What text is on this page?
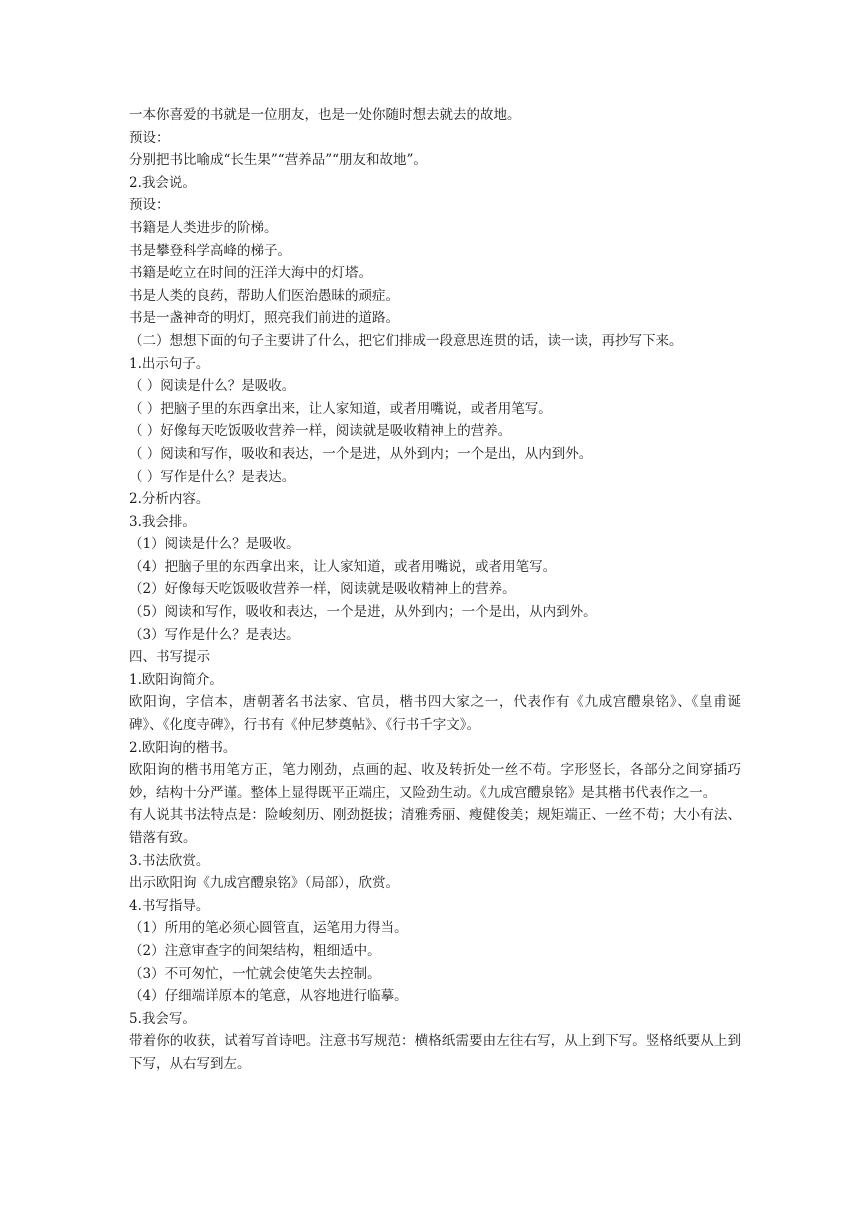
一本你喜爱的书就是一位朋友，也是一处你随时想去就去的故地。
预设：
分别把书比喻成“长生果”“营养品”“朋友和故地”。
2.我会说。
预设：
书籍是人类进步的阶梯。
书是攀登科学高峰的梯子。
书籍是屹立在时间的汪洋大海中的灯塔。
书是人类的良药，帮助人们医治愚昧的顽症。
书是一盏神奇的明灯，照亮我们前进的道路。
（二）想想下面的句子主要讲了什么，把它们排成一段意思连贯的话，读一读，再抄写下来。
1.出示句子。
（ ）阅读是什么？是吸收。
（ ）把脑子里的东西拿出来，让人家知道，或者用嘴说，或者用笔写。
（ ）好像每天吃饭吸收营养一样，阅读就是吸收精神上的营养。
（ ）阅读和写作，吸收和表达，一个是进，从外到内；一个是出，从内到外。
（ ）写作是什么？是表达。
2.分析内容。
3.我会排。
（1）阅读是什么？是吸收。
（4）把脑子里的东西拿出来，让人家知道，或者用嘴说，或者用笔写。
（2）好像每天吃饭吸收营养一样，阅读就是吸收精神上的营养。
（5）阅读和写作，吸收和表达，一个是进，从外到内；一个是出，从内到外。
（3）写作是什么？是表达。
四、书写提示
1.欧阳询简介。
欧阳询，字信本，唐朝著名书法家、官员，楷书四大家之一，代表作有《九成宫醴泉铭》、《皇甫诞碑》、《化度寺碑》，行书有《仲尼梦奠帖》、《行书千字文》。
2.欧阳询的楷书。
欧阳询的楷书用笔方正，笔力刚劲，点画的起、收及转折处一丝不苟。字形竖长，各部分之间穿插巧妙，结构十分严谨。整体上显得既平正端庄，又险劲生动。《九成宫醴泉铭》是其楷书代表作之一。
有人说其书法特点是：险峻刻历、刚劲挺拔；清雅秀丽、瘦健俊美；规矩端正、一丝不苟；大小有法、错落有致。
3.书法欣赏。
出示欧阳询《九成宫醴泉铭》（局部），欣赏。
4.书写指导。
（1）所用的笔必须心圆管直，运笔用力得当。
（2）注意审查字的间架结构，粗细适中。
（3）不可匆忙，一忙就会使笔失去控制。
（4）仔细端详原本的笔意，从容地进行临摹。
5.我会写。
带着你的收获，试着写首诗吧。注意书写规范：横格纸需要由左往右写，从上到下写。竖格纸要从上到下写，从右写到左。
